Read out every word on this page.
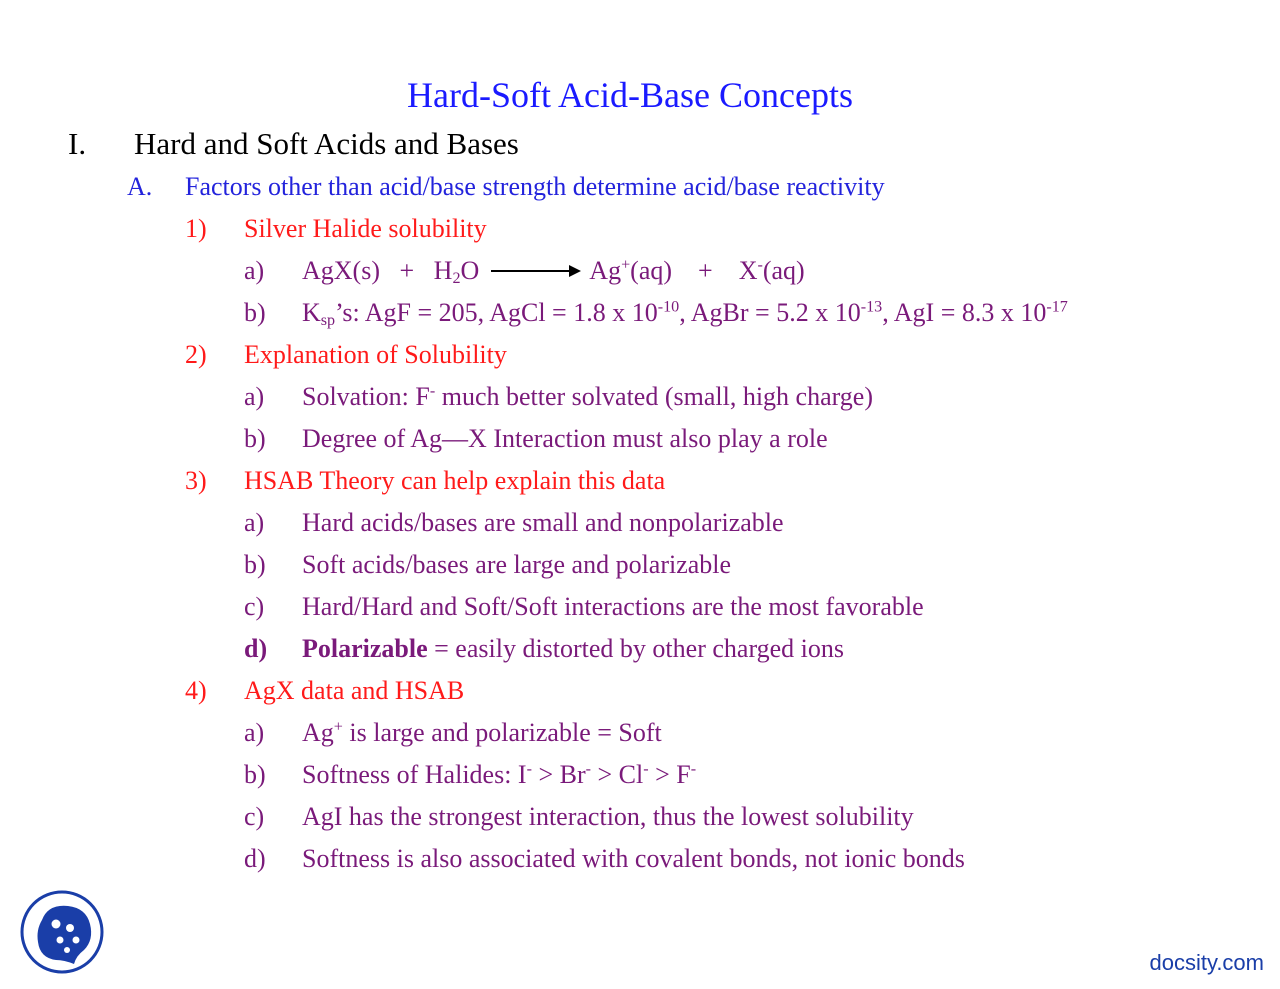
Hard-Soft Acid-Base Concepts
I. Hard and Soft Acids and Bases
A. Factors other than acid/base strength determine acid/base reactivity
1) Silver Halide solubility
a) $AgX(s) + H_2O \to Ag^+(aq) + X^-(aq)$
b) $K_{sp}’s$: AgF = 205, AgCl = 1.8 x $10^{-10}$, AgBr = 5.2 x $10^{-13}$, AgI = 8.3 x $10^{-17}$
2) Explanation of Solubility
a) Solvation: F- much better solvated (small, high charge)
b) Degree of Ag—X Interaction must also play a role
3) HSAB Theory can help explain this data
a) Hard acids/bases are small and nonpolarizable
b) Soft acids/bases are large and polarizable
c) Hard/Hard and Soft/Soft interactions are the most favorable
d) Polarizable = easily distorted by other charged ions
4) AgX data and HSAB
a) Ag+ is large and polarizable = Soft
b) Softness of Halides: I- > Br- > Cl- > F-
c) AgI has the strongest interaction, thus the lowest solubility
d) Softness is also associated with covalent bonds, not ionic bonds
docsity.com
